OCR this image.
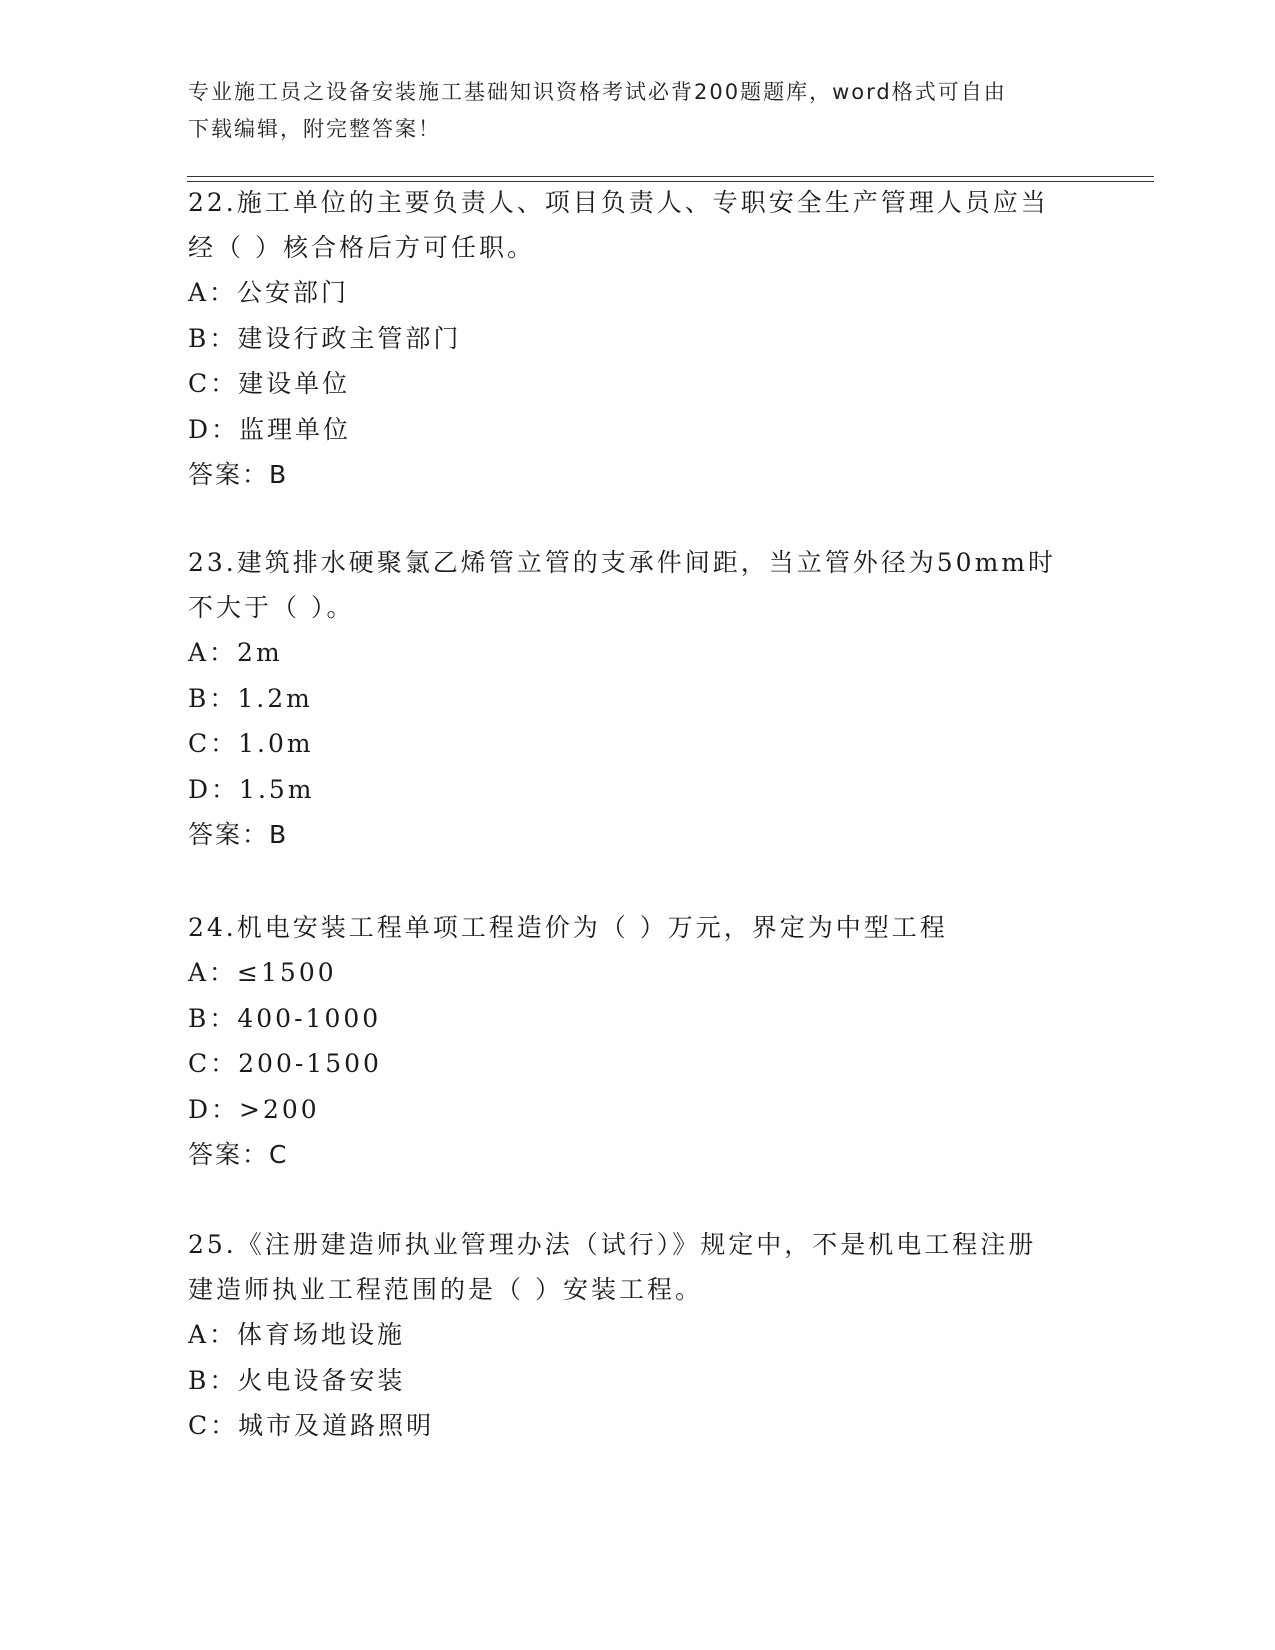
专业施工员之设备安装施工基础知识资格考试必背200题题库，word格式可自由
下载编辑，附完整答案！
22.施工单位的主要负责人、项目负责人、专职安全生产管理人员应当
经（ ）核合格后方可任职。
A：公安部门
B：建设行政主管部门
C：建设单位
D：监理单位
答案：B
23.建筑排水硬聚氯乙烯管立管的支承件间距，当立管外径为50mm时
不大于（ ）。
A：2m
B：1.2m
C：1.0m
D：1.5m
答案：B
24.机电安装工程单项工程造价为（ ）万元，界定为中型工程
A：≤1500
B：400-1000
C：200-1500
D：>200
答案：C
25.《注册建造师执业管理办法（试行）》规定中，不是机电工程注册
建造师执业工程范围的是（ ）安装工程。
A：体育场地设施
B：火电设备安装
C：城市及道路照明
